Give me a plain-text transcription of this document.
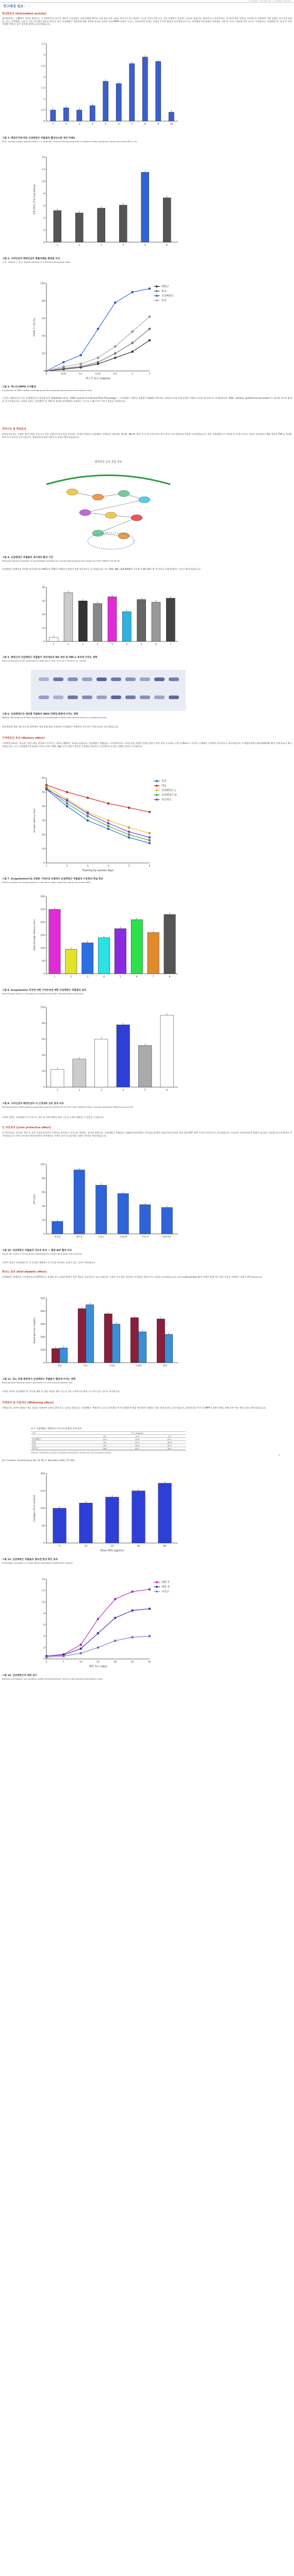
> 연구배경 > 연구배경 정보 > 산삼배양근 연구정보
연구배경 정보 [ ... ]
항산화효과 (Antioxidant activity)
항산화효과는 人體에서 생성된 활성산소 가 산화반응을 일으켜 세포의 구성성분인 지질·단백질·핵산을 파괴 함으로써 노화를 촉진시키거나 생리적 기능을 저하시키게 되는 것을 억제하고 제거하는 효과를 말합니다. 활성산소의 과잉생성은 지나치게 많은 산화성 스트레스를 유발하여 각종 질병을 일으키며 특히 암, 당뇨, 동맥경화, 노화 등 각종 성인병의 원인이 됩니다. 최근 산삼배양근 추출물에 대한 항산화 효과를 조사한 결과 DPPH 라디칼 소거능, 지질과산화 억제능 등에서 우수한 활성을 나타내었으며 이는 산삼배양근에 함유된 폴리페놀 성분 및 사포닌 성분에 의한 것으로 사료됩니다. 산삼배양근은 홍삼 및 일반 인삼에 비해 더 높은 항산화 활성을 나타내었습니다.
0
0.5
1
1.5
2
2.5
3
3.5
1	2	3	4	5	6	7	8	9	10
그림 1. 배양조건에 따른 산삼배양근 추출물의 활성산소종 생성 억제능
ROS, reactive oxygen species; ABTS, 2,2'-azino-bis; cultured wild ginseng roots in different media conditions; values are mean±SD (n=3).
0
2
4
6
8
10
12
14
총폴리페놀 함량 (mg GAE/g)
1	2	3	4	5	6
그림 2. 고려인삼과 배양인삼의 총폴리페놀 함량을 비교
1~6 : Sample 1~6 (1: Korean ginseng; 6: cultured wild ginseng roots)
0
20
40
60
80
100
DPPH 소거율 (%)
엑스의 농도 (mg/mL)
0	0.05	0.1	0.25	0.5	1	2
배양근
홍삼
산삼배양근
인삼
그림 3. 엑스의 DPPH 소거활성
Comparison of DPPH radical scavenging activity among ginseng extracts and cultured roots.
그림 4. 배양조건이 다른 산삼배양근의 항산화 효과 (Takahashi et al., 2004, Journal of Cultured Plant Physiology) — 산삼배양근 메탄올 추출물은 HepG2 세포에서 과산화수소에 의해 유발된 산화적 손상을 유의적으로 억제하였으며, SOD, catalase, glutathione peroxidase 등 항산화 효소의 활성을 증가시켰습니다. 이러한 결과는 산삼배양근이 생체 내 항산화 방어체계를 강화하는 기능성 소재로서의 가치가 있음을 보여줍니다.
면역기능 및 항암효과
면역증강효과는 인체의 방어능력을 증진시켜 각종 질병으로부터 몸을 보호하는 효과를 말하며, 산삼배양근 추출물은 대식세포 활성화, NK세포 활성 증가 및 사이토카인 분비 촉진 등의 면역조절 작용을 나타내었습니다. 특히 산삼배양근의 다당체 및 진세노사이드 성분은 대식세포의 NO 생성과 TNF-α, IL-1β, IL-6 등의 분비를 증가시켰으며, 종양세포에 대한 세포독성 효과도 확인되었습니다.
면역증강 신호 전달 경로
그림 4. 산삼배양근 추출물의 대식세포 활성 기전
Proposed signaling pathway of macrophage activation by cultured wild ginseng root extract via TLR4, MAPKs and NF-κB.
산삼배양근 추출물을 처리한 대식세포에서 iNOS 및 COX-2 단백질의 발현이 용량 의존적으로 증가하였으며, 이는 ERK, JNK, p38 MAPK의 인산화 및 NF-κB의 핵 내 이동을 통해 매개되는 것으로 확인되었습니다.
0
10
20
30
40
C	L	1	2	3	4	5	6	7
그림 5. 배양근과 산삼배양근 추출물이 대식세포의 NO 생성 및 TNF-α 분비에 미치는 영향
Effect of extracts on NO production in RAW 264.7 cells. *p<0.05, **p<0.01 vs. control.
그림 6. 산삼배양근과 재료별 추출물의 iNOS 단백질 발현에 미치는 영향
Western blot analysis of iNOS expression in macrophages treated with extracts (β-actin as loading control).
종양세포에 대한 세포독성 및 면역세포 매개 항암 활성 실험에서 산삼배양근 추출물은 유의적인 억제 효과를 나타내었습니다.
기억력증진 효과 (Memory effect)
기억력증진효과는 학습과 기억능력을 개선하고 인지기능 저하를 예방하는 효과를 말합니다. 산삼배양근 추출물을 스코폴라민으로 기억손상을 유발한 실험동물에 투여한 결과 수동회피 시험 및 Morris 수중미로 시험에서 기억력이 유의적으로 개선되었으며, 아세틸콜린에스테라제(AChE) 활성 억제 효과가 확인되었습니다. 이는 산삼배양근에 함유된 진세노사이드 Rb1, Rg1 등의 성분이 콜린성 신경계를 보호하고 신경세포의 손상을 억제한 결과로 사료됩니다.
0
10
20
30
40
50
60
Escape latency (sec)
Training by session days
1	2	3	4	5	6
정상
대조
산삼배양근 L
산삼배양근 H
양성대조
그림 7. Scopolamine으로 유발된 기억손상 모델에서 산삼배양근 추출물의 수동회피 학습 효과
Effects of extract on escape latency in the Morris water maze test. Values are mean±SEM.
0
50
100
150
200
250
300
Step-through latency (sec)
1	2	3	4	5	6	7	8
그림 8. Scopolamine 처치에 의한 기억손상에 대한 산삼배양근 추출물의 효과
Step-through latency in the passive avoidance test after administration of extracts.
0
20
40
60
80
100
1	2	3	4	5	6
그림 9. 고려인삼과 배양인삼의 뇌 신경세포 보호 효과 비교
Neuroprotective effect against glutamate-induced cytotoxicity in HT22 cells. Different letters indicate significant differences (p<0.05).
이러한 결과는 산삼배양근이 인지기능 개선 및 치매 예방을 위한 기능성 소재로 활용될 수 있음을 시사합니다.
간 보호효과 (Liver protective effect)
간 보호효과는 알코올, 약물 등 각종 독성물질로부터 간세포를 보호하고 간기능을 개선하는 효과를 말합니다. 산삼배양근 추출물을 사염화탄소(CCl4)로 간손상을 유발한 실험동물에 투여한 결과 혈청 AST, ALT 수치가 유의적으로 감소하였으며, 간조직의 지질과산화물 함량이 감소하고 항산화 효소의 활성이 증가하였습니다. 또한 간조직의 병리조직학적 관찰에서도 간세포 괴사 및 염증세포 침윤이 현저히 개선되었습니다.
0
20
40
60
80
100
ALT (U/L)
정상군	대조군	산삼 L	산삼 M	산삼 H	양성대조
그림 10. 산삼배양근 추출물의 간보호 효과 — 혈청 ALT 활성 비교
Serum ALT levels in CCl4-induced hepatotoxicity model rats treated with extracts.
이상의 결과로 산삼배양근은 간 손상을 예방하고 간기능을 보호하는 효과가 있는 것으로 판단됩니다.
항당뇨 효과 (Anti-diabetic effect)
산삼배양근 추출물은 스트렙토조토신(STZ)으로 유발된 당뇨 실험동물에서 공복 혈당을 유의적으로 감소시켰으며, 인슐린 감수성을 개선하고 당내성을 향상시키는 효과를 나타내었습니다. 또한 α-glucosidase 활성 억제를 통해 식후 혈당 상승을 억제하는 효과가 확인되었습니다.
0
100
200
300
400
500
Blood glucose (mg/dL)
정상	당뇨	산삼L	산삼H	양성
그림 11. 당뇨 유발 흰쥐에서 산삼배양근 추출물이 혈당에 미치는 영향
Blood glucose levels at week 0 and week 4 in STZ-induced diabetic rats.
이러한 결과로 산삼배양근은 당뇨병 예방 및 혈당 조절을 위한 기능성 식품 소재로서의 활용 가능성이 높은 것으로 평가됩니다.
미백효과 및 주름개선 (Whitening effect)
미백효과는 피부의 멜라닌 색소 생성을 억제하여 피부를 밝게 하는 효과를 말합니다. 산삼배양근 추출물은 티로시나제 활성 억제 및 B16 흑색종 세포에서의 멜라닌 생성 억제 효과를 나타내었으며, 콜라겐 합성 촉진 및 MMP-1 발현 억제를 통해 피부 주름 개선 효과도 확인되었습니다.
표 1. 산삼배양근 추출물의 티로시나제 활성 억제 효과
시료	농도 (mg/mL)		
	0.1	0.5	1.0
산삼배양근	12.4	35.8	61.2
홍삼	8.1	22.4	40.6
인삼	6.5	18.9	33.7
알부틴	28.5	55.2	78.9
Data are expressed as mean of triplicate experiments. Arbutin was used as positive control.
Sci. Cosmetic. Scientist Issue Vol. 36, No. 2, November 2004, 271-283
1
0
50
100
150
200
Collagen (% of control)
Dose (EX) (μg/mL)
0	10	20	40	80
그림 12. 산삼배양근 추출물의 콜라겐 합성 촉진 효과
Procollagen synthesis in human dermal fibroblasts treated with extracts.
0
2
4
6
8
10
12
14
배양 일수 (day)
0	7	14	21	28	35	42
배양 후
배양 전
사포닌
그림 14. 산삼배양근의 배양 일수
Biomass and saponin accumulation profile during bioreactor culture of wild ginseng adventitious roots.
